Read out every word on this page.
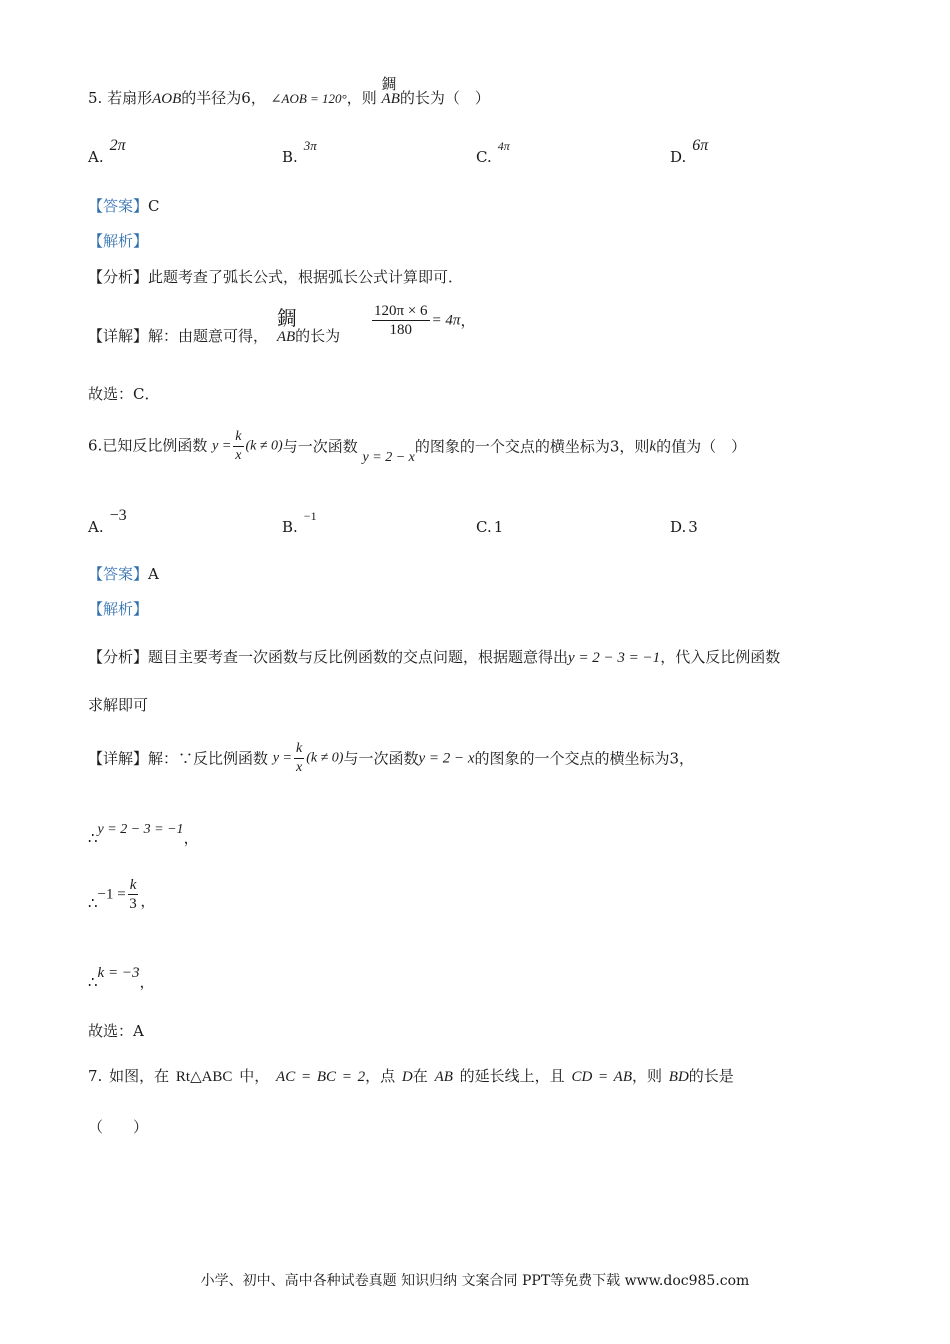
5. 若扇形AOB的半径为6， ∠AOB = 120°，则
錭
AB的长为（　）
A.2π
B.3π
C.$^{4\pi}$
D.6π
【答案】C
【解析】
【分析】此题考查了弧长公式，根据弧长公式计算即可．
【详解】解：由题意可得，
錭
AB的长为 $\frac{120\pi \times 6}{180} = 4\pi$，
故选：C．
6.已知反比例函数 $y = \frac{k}{x} (k \ne 0)$与一次函数 y = 2 − x的图象的一个交点的横坐标为3，则k的值为（　）
A.−3
B.$^{-1}$
C. 1	D. 3
【答案】A
【解析】
【分析】题目主要考查一次函数与反比例函数的交点问题，根据题意得出y = 2 − 3 = −1，代入反比例函数
求解即可
【详解】解：∵反比例函数 $y = \frac{k}{x} (k \ne 0)$与一次函数y = 2 − x的图象的一个交点的横坐标为3，
∴y = 2 − 3 = −1，
∴−1 = $\frac{k}{3}$ ，
∴k = −3，
故选：A
7. 如图，在 Rt△ABC 中， AC = BC = 2，点 D在 AB 的延长线上，且 CD = AB，则 BD的长是
（　　）
小学、初中、高中各种试卷真题 知识归纳 文案合同 PPT等免费下载 www.doc985.com
